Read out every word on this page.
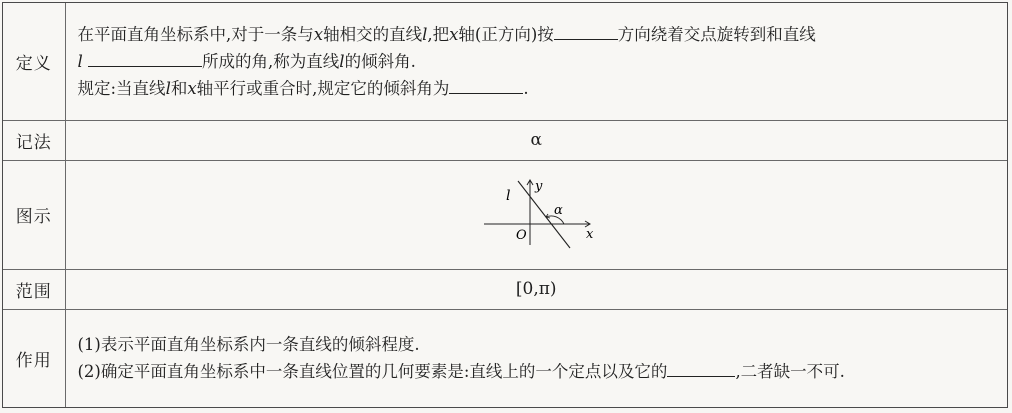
定义	在平面直角坐标系中,对于一条与x轴相交的直线l,把x轴(正方向)按 方向绕着交点旋转到和直线
l 所成的角,称为直线l的倾斜角.
规定:当直线l和x轴平行或重合时,规定它的倾斜角为 .

记法	α
图示	l
y
α
O x

范围	[0,π)
作用	(1)表示平面直角坐标系内一条直线的倾斜程度.
(2)确定平面直角坐标系中一条直线位置的几何要素是:直线上的一个定点以及它的 ,二者缺一不可.
